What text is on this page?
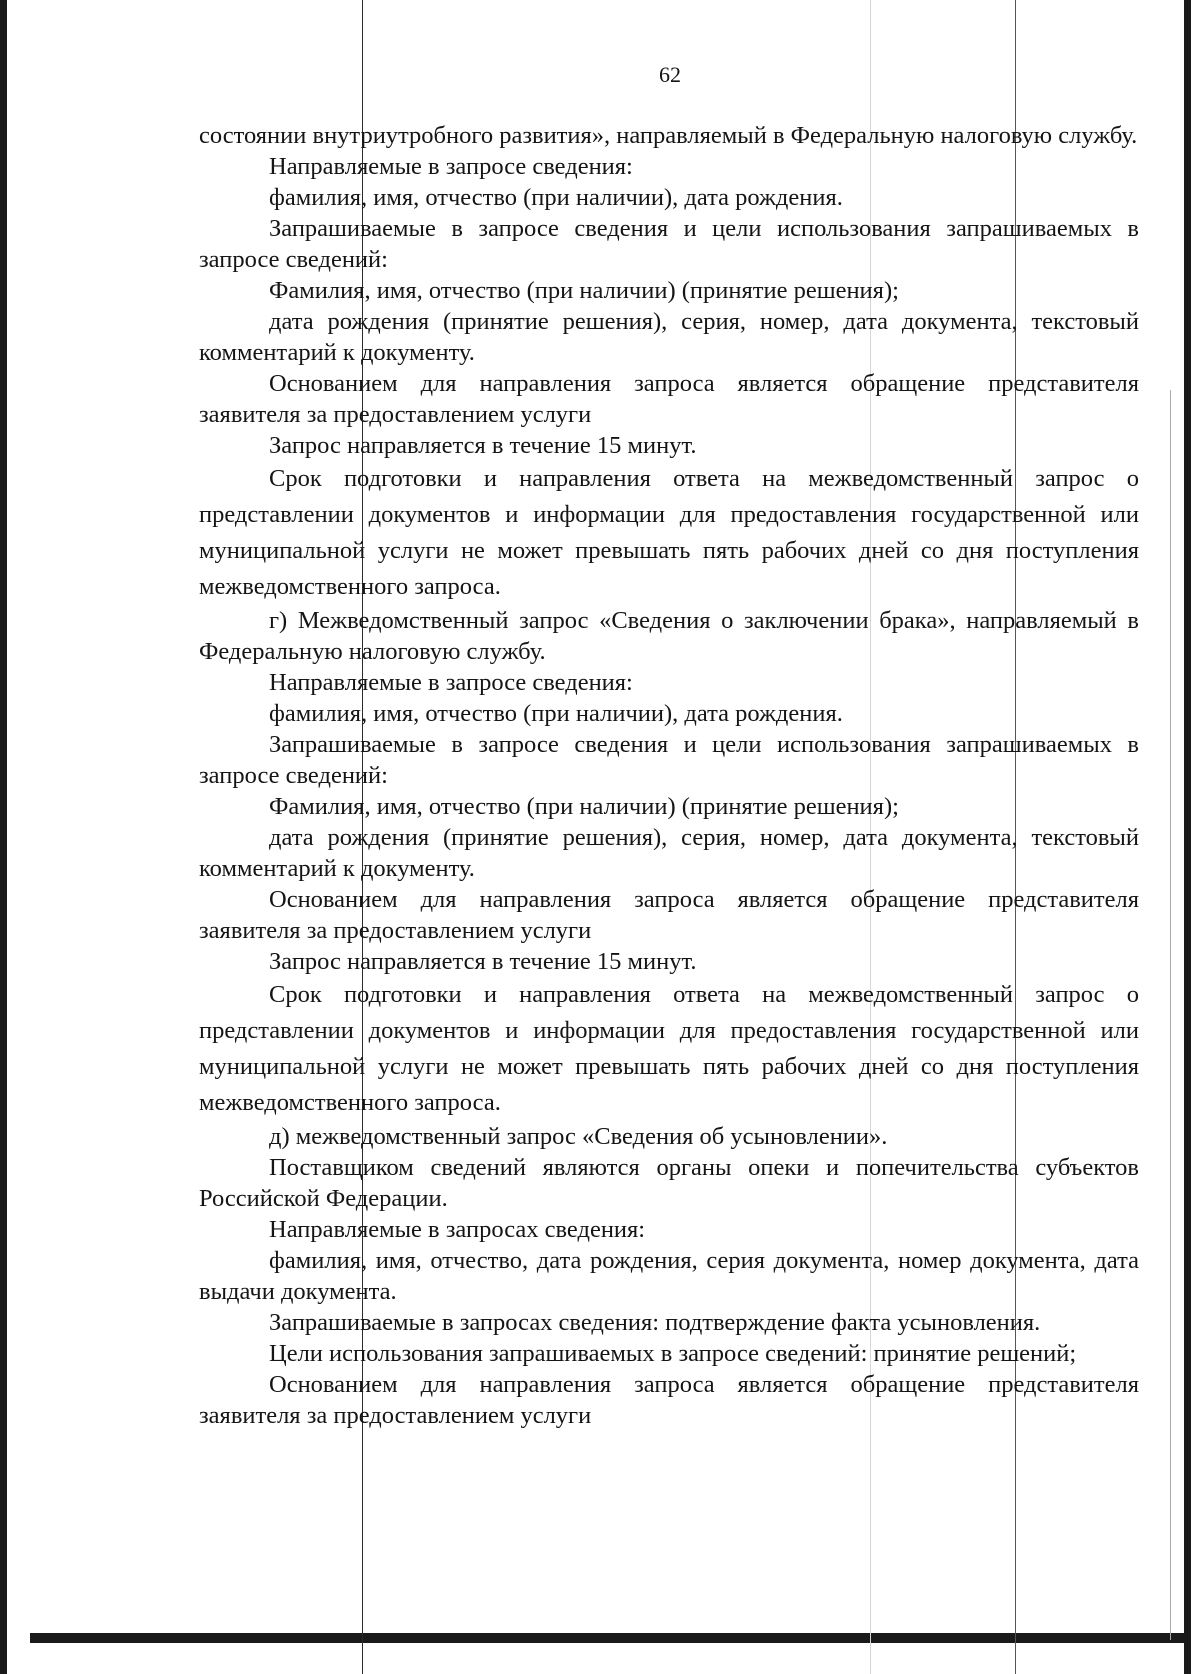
62

состоянии внутриутробного развития», направляемый в Федеральную налоговую службу.

Направляемые в запросе сведения:

фамилия, имя, отчество (при наличии), дата рождения.

Запрашиваемые в запросе сведения и цели использования запрашиваемых в запросе сведений:

Фамилия, имя, отчество (при наличии) (принятие решения);

дата рождения (принятие решения), серия, номер, дата документа, текстовый комментарий к документу.

Основанием для направления запроса является обращение представителя заявителя за предоставлением услуги

Запрос направляется в течение 15 минут.

Срок подготовки и направления ответа на межведомственный запрос о представлении документов и информации для предоставления государственной или муниципальной услуги не может превышать пять рабочих дней со дня поступления межведомственного запроса.

г) Межведомственный запрос «Сведения о заключении брака», направляемый в Федеральную налоговую службу.

Направляемые в запросе сведения:

фамилия, имя, отчество (при наличии), дата рождения.

Запрашиваемые в запросе сведения и цели использования запрашиваемых в запросе сведений:

Фамилия, имя, отчество (при наличии) (принятие решения);

дата рождения (принятие решения), серия, номер, дата документа, текстовый комментарий к документу.

Основанием для направления запроса является обращение представителя заявителя за предоставлением услуги

Запрос направляется в течение 15 минут.

Срок подготовки и направления ответа на межведомственный запрос о представлении документов и информации для предоставления государственной или муниципальной услуги не может превышать пять рабочих дней со дня поступления межведомственного запроса.

д) межведомственный запрос «Сведения об усыновлении».

Поставщиком сведений являются органы опеки и попечительства субъектов Российской Федерации.

Направляемые в запросах сведения:

фамилия, имя, отчество, дата рождения, серия документа, номер документа, дата выдачи документа.

Запрашиваемые в запросах сведения: подтверждение факта усыновления.

Цели использования запрашиваемых в запросе сведений: принятие решений;

Основанием для направления запроса является обращение представителя заявителя за предоставлением услуги
